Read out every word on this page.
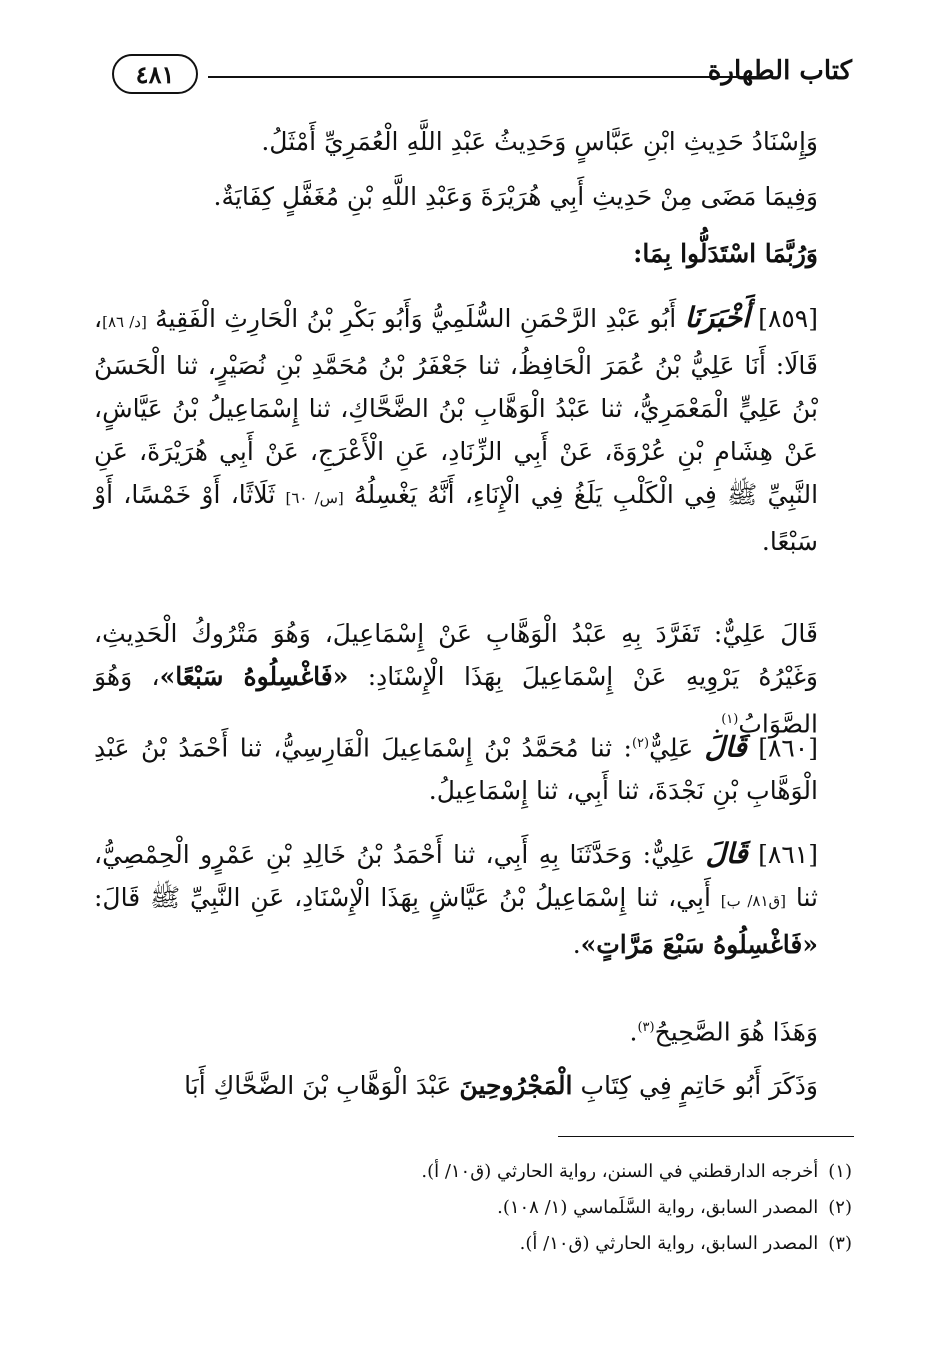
٤٨١	كتاب الطهارة

وَإِسْنَادُ حَدِيثِ ابْنِ عَبَّاسٍ وَحَدِيثُ عَبْدِ اللَّهِ الْعُمَرِيِّ أَمْثَلُ.

وَفِيمَا مَضَى مِنْ حَدِيثِ أَبِي هُرَيْرَةَ وَعَبْدِ اللَّهِ بْنِ مُغَفَّلٍ كِفَايَةٌ.

وَرُبَّمَا اسْتَدَلُّوا بِمَا:

[٨٥٩] أَخْبَرَنَا أَبُو عَبْدِ الرَّحْمَنِ السُّلَمِيُّ وَأَبُو بَكْرِ بْنُ الْحَارِثِ الْفَقِيهُ [د/ ٨٦]، قَالَا: أَنَا عَلِيُّ بْنُ عُمَرَ الْحَافِظُ، ثنا جَعْفَرُ بْنُ مُحَمَّدِ بْنِ نُصَيْرٍ، ثنا الْحَسَنُ بْنُ عَلِيٍّ الْمَعْمَرِيُّ، ثنا عَبْدُ الْوَهَّابِ بْنُ الضَّحَّاكِ، ثنا إِسْمَاعِيلُ بْنُ عَيَّاشٍ، عَنْ هِشَامِ بْنِ عُرْوَةَ، عَنْ أَبِي الزِّنَادِ، عَنِ الْأَعْرَجِ، عَنْ أَبِي هُرَيْرَةَ، عَنِ النَّبِيِّ ﷺ فِي الْكَلْبِ يَلَغُ فِي الْإِنَاءِ، أَنَّهُ يَغْسِلُهُ [س/ ٦٠] ثَلَاثًا، أَوْ خَمْسًا، أَوْ سَبْعًا.

قَالَ عَلِيٌّ: تَفَرَّدَ بِهِ عَبْدُ الْوَهَّابِ عَنْ إِسْمَاعِيلَ، وَهُوَ مَتْرُوكُ الْحَدِيثِ، وَغَيْرُهُ يَرْوِيهِ عَنْ إِسْمَاعِيلَ بِهَذَا الْإِسْنَادِ: «فَاغْسِلُوهُ سَبْعًا»، وَهُوَ الصَّوَابُ$^{(١)}$.

[٨٦٠] قَالَ عَلِيٌّ$^{(٢)}$: ثنا مُحَمَّدُ بْنُ إِسْمَاعِيلَ الْفَارِسِيُّ، ثنا أَحْمَدُ بْنُ عَبْدِ الْوَهَّابِ بْنِ نَجْدَةَ، ثنا أَبِي، ثنا إِسْمَاعِيلُ.

[٨٦١] قَالَ عَلِيٌّ: وَحَدَّثَنَا بِهِ أَبِي، ثنا أَحْمَدُ بْنُ خَالِدِ بْنِ عَمْرٍو الْحِمْصِيُّ، ثنا [ق٨١/ ب] أَبِي، ثنا إِسْمَاعِيلُ بْنُ عَيَّاشٍ بِهَذَا الْإِسْنَادِ، عَنِ النَّبِيِّ ﷺ قَالَ: «فَاغْسِلُوهُ سَبْعَ مَرَّاتٍ».

وَهَذَا هُوَ الصَّحِيحُ$^{(٣)}$.

وَذَكَرَ أَبُو حَاتِمٍ فِي كِتَابِ الْمَجْرُوحِينَ عَبْدَ الْوَهَّابِ بْنَ الضَّحَّاكِ أَبَا

(١)أخرجه الدارقطني في السنن، رواية الحارثي (ق١٠/ أ).

(٢)المصدر السابق، رواية السَّلَماسي (١/ ١٠٨).

(٣)المصدر السابق، رواية الحارثي (ق١٠/ أ).
